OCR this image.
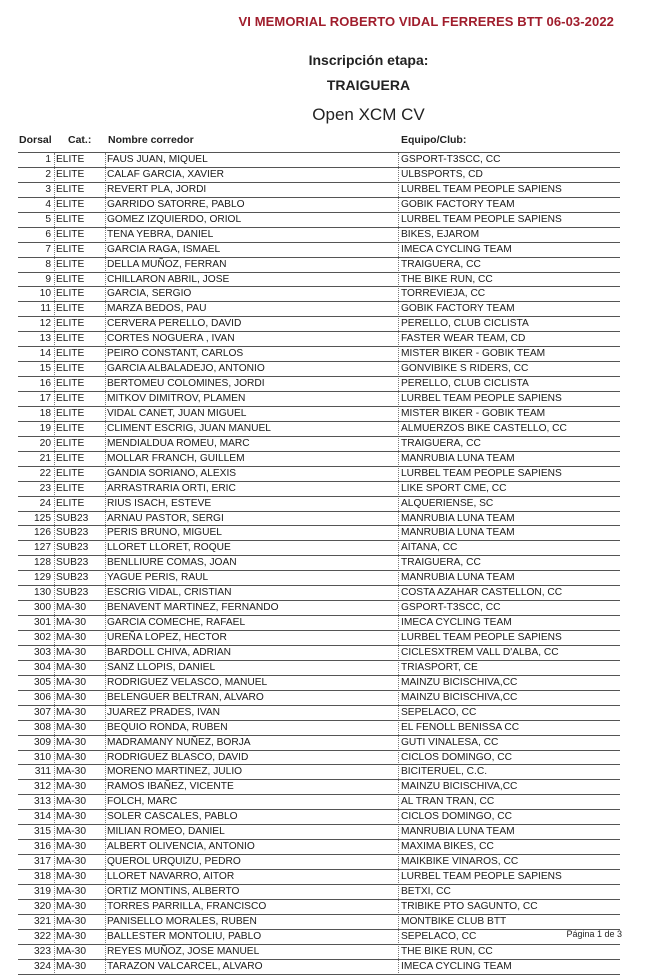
VI MEMORIAL ROBERTO VIDAL FERRERES BTT 06-03-2022
Inscripción etapa:
TRAIGUERA
Open XCM CV
Dorsal Cat.: Nombre corredor	Equipo/Club:
1 ELITE	FAUS JUAN, MIQUEL	GSPORT-T3SCC, CC
2 ELITE	CALAF GARCIA, XAVIER	ULBSPORTS, CD
3 ELITE	REVERT PLA, JORDI	LURBEL TEAM PEOPLE SAPIENS
4 ELITE	GARRIDO SATORRE, PABLO	GOBIK FACTORY TEAM
5 ELITE	GOMEZ IZQUIERDO, ORIOL	LURBEL TEAM PEOPLE SAPIENS
6 ELITE	TENA YEBRA, DANIEL	BIKES, EJAROM
7 ELITE	GARCIA RAGA, ISMAEL	IMECA CYCLING TEAM
8 ELITE	DELLA MUÑOZ, FERRAN	TRAIGUERA, CC
9 ELITE	CHILLARON ABRIL, JOSE	THE BIKE RUN, CC
10 ELITE	GARCIA, SERGIO	TORREVIEJA, CC
11 ELITE	MARZA BEDOS, PAU	GOBIK FACTORY TEAM
12 ELITE	CERVERA PERELLO, DAVID	PERELLO, CLUB CICLISTA
13 ELITE	CORTES NOGUERA , IVAN	FASTER WEAR TEAM, CD
14 ELITE	PEIRO CONSTANT, CARLOS	MISTER BIKER - GOBIK TEAM
15 ELITE	GARCIA ALBALADEJO, ANTONIO	GONVIBIKE S RIDERS, CC
16 ELITE	BERTOMEU COLOMINES, JORDI	PERELLO, CLUB CICLISTA
17 ELITE	MITKOV DIMITROV, PLAMEN	LURBEL TEAM PEOPLE SAPIENS
18 ELITE	VIDAL CANET, JUAN MIGUEL	MISTER BIKER - GOBIK TEAM
19 ELITE	CLIMENT ESCRIG, JUAN MANUEL	ALMUERZOS BIKE CASTELLO, CC
20 ELITE	MENDIALDUA ROMEU, MARC	TRAIGUERA, CC
21 ELITE	MOLLAR FRANCH, GUILLEM	MANRUBIA LUNA TEAM
22 ELITE	GANDIA SORIANO, ALEXIS	LURBEL TEAM PEOPLE SAPIENS
23 ELITE	ARRASTRARIA ORTI, ERIC	LIKE SPORT CME, CC
24 ELITE	RIUS ISACH, ESTEVE	ALQUERIENSE, SC
125 SUB23	ARNAU PASTOR, SERGI	MANRUBIA LUNA TEAM
126 SUB23	PERIS BRUNO, MIGUEL	MANRUBIA LUNA TEAM
127 SUB23	LLORET LLORET, ROQUE	AITANA, CC
128 SUB23	BENLLIURE COMAS, JOAN	TRAIGUERA, CC
129 SUB23	YAGUE PERIS, RAUL	MANRUBIA LUNA TEAM
130 SUB23	ESCRIG VIDAL, CRISTIAN	COSTA AZAHAR CASTELLON, CC
300 MA-30	BENAVENT MARTINEZ, FERNANDO	GSPORT-T3SCC, CC
301 MA-30	GARCIA COMECHE, RAFAEL	IMECA CYCLING TEAM
302 MA-30	UREÑA LOPEZ, HECTOR	LURBEL TEAM PEOPLE SAPIENS
303 MA-30	BARDOLL CHIVA, ADRIAN	CICLESXTREM VALL D'ALBA, CC
304 MA-30	SANZ LLOPIS, DANIEL	TRIASPORT, CE
305 MA-30	RODRIGUEZ VELASCO, MANUEL	MAINZU BICISCHIVA,CC
306 MA-30	BELENGUER BELTRAN, ALVARO	MAINZU BICISCHIVA,CC
307 MA-30	JUAREZ PRADES, IVAN	SEPELACO, CC
308 MA-30	BEQUIO RONDA, RUBEN	EL FENOLL BENISSA CC
309 MA-30	MADRAMANY NUÑEZ, BORJA	GUTI VINALESA, CC
310 MA-30	RODRIGUEZ BLASCO, DAVID	CICLOS DOMINGO, CC
311 MA-30	MORENO MARTINEZ, JULIO	BICITERUEL, C.C.
312 MA-30	RAMOS IBAÑEZ, VICENTE	MAINZU BICISCHIVA,CC
313 MA-30	FOLCH, MARC	AL TRAN TRAN, CC
314 MA-30	SOLER CASCALES, PABLO	CICLOS DOMINGO, CC
315 MA-30	MILIAN ROMEO, DANIEL	MANRUBIA LUNA TEAM
316 MA-30	ALBERT OLIVENCIA, ANTONIO	MAXIMA BIKES, CC
317 MA-30	QUEROL URQUIZU, PEDRO	MAIKBIKE VINAROS, CC
318 MA-30	LLORET NAVARRO, AITOR	LURBEL TEAM PEOPLE SAPIENS
319 MA-30	ORTIZ MONTINS, ALBERTO	BETXI, CC
320 MA-30	TORRES PARRILLA, FRANCISCO	TRIBIKE PTO SAGUNTO, CC
321 MA-30	PANISELLO MORALES, RUBEN	MONTBIKE CLUB BTT
322 MA-30	BALLESTER MONTOLIU, PABLO	SEPELACO, CC
323 MA-30	REYES MUÑOZ, JOSE MANUEL	THE BIKE RUN, CC
324 MA-30	TARAZON VALCARCEL, ALVARO	IMECA CYCLING TEAM
Página 1 de 3
